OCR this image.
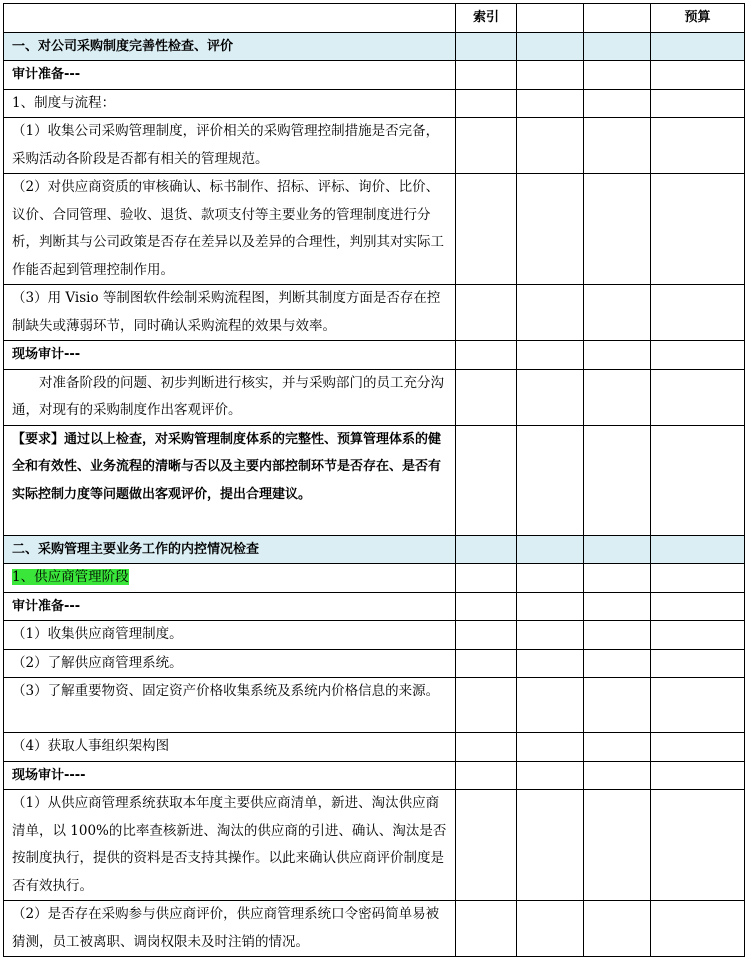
	索引			预算
一、对公司采购制度完善性检查、评价				
审计准备---				
1、制度与流程：				
（1）收集公司采购管理制度，评价相关的采购管理控制措施是否完备，采购活动各阶段是否都有相关的管理规范。				
（2）对供应商资质的审核确认、标书制作、招标、评标、询价、比价、议价、合同管理、验收、退货、款项支付等主要业务的管理制度进行分析，判断其与公司政策是否存在差异以及差异的合理性，判别其对实际工作能否起到管理控制作用。				
（3）用 Visio 等制图软件绘制采购流程图，判断其制度方面是否存在控制缺失或薄弱环节，同时确认采购流程的效果与效率。				
现场审计---				
对准备阶段的问题、初步判断进行核实，并与采购部门的员工充分沟通，对现有的采购制度作出客观评价。				
【要求】通过以上检查，对采购管理制度体系的完整性、预算管理体系的健全和有效性、业务流程的清晰与否以及主要内部控制环节是否存在、是否有实际控制力度等问题做出客观评价，提出合理建议。				
二、采购管理主要业务工作的内控情况检查				
1、供应商管理阶段				
审计准备---				
（1）收集供应商管理制度。				
（2）了解供应商管理系统。				
（3）了解重要物资、固定资产价格收集系统及系统内价格信息的来源。				
（4）获取人事组织架构图				
现场审计----				
（1）从供应商管理系统获取本年度主要供应商清单，新进、淘汰供应商清单，以 100%的比率查核新进、淘汰的供应商的引进、确认、淘汰是否按制度执行，提供的资料是否支持其操作。以此来确认供应商评价制度是否有效执行。				
（2）是否存在采购参与供应商评价，供应商管理系统口令密码简单易被猜测，员工被离职、调岗权限未及时注销的情况。				
